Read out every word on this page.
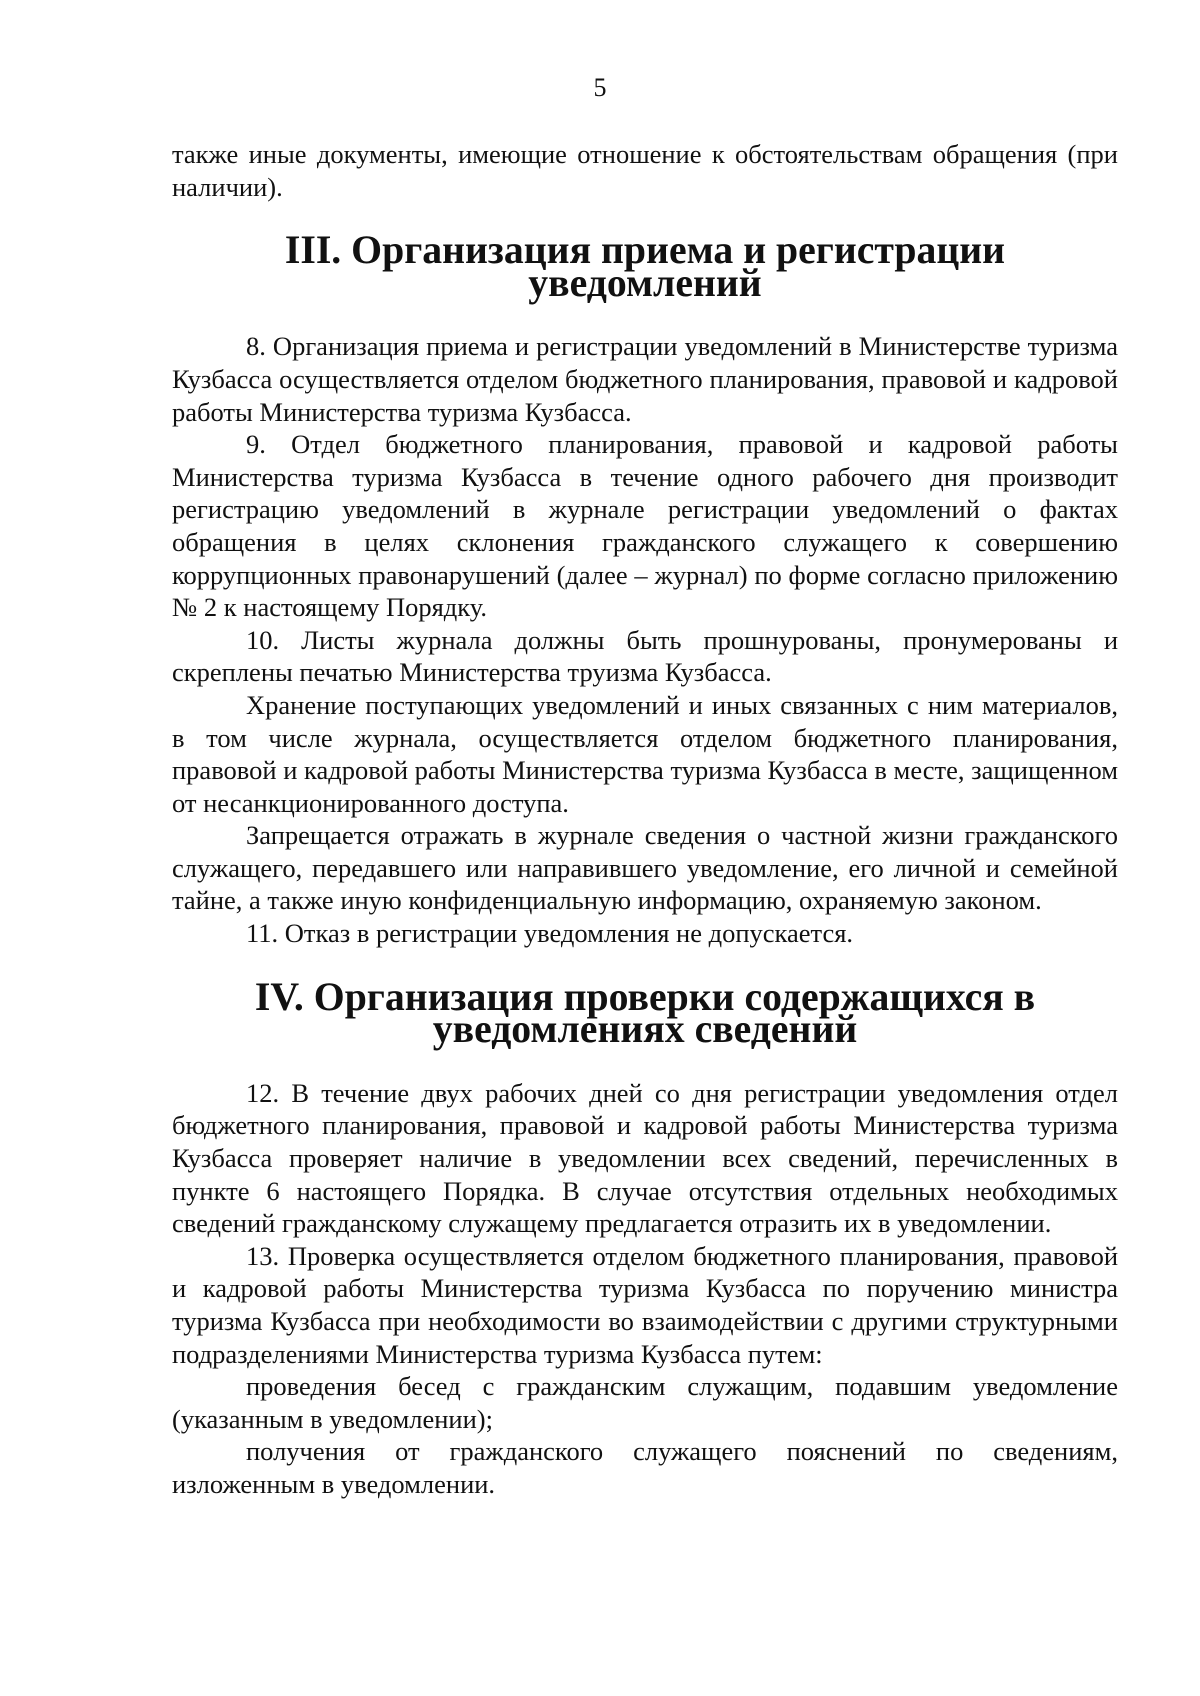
5

также иные документы, имеющие отношение к обстоятельствам обращения (при наличии).

III. Организация приема и регистрации уведомлений

8. Организация приема и регистрации уведомлений в Министерстве туризма Кузбасса осуществляется отделом бюджетного планирования, правовой и кадровой работы Министерства туризма Кузбасса.

9. Отдел бюджетного планирования, правовой и кадровой работы Министерства туризма Кузбасса в течение одного рабочего дня производит регистрацию уведомлений в журнале регистрации уведомлений о фактах обращения в целях склонения гражданского служащего к совершению коррупционных правонарушений (далее – журнал) по форме согласно приложению № 2 к настоящему Порядку.

10. Листы журнала должны быть прошнурованы, пронумерованы и скреплены печатью Министерства труизма Кузбасса.

Хранение поступающих уведомлений и иных связанных с ним материалов, в том числе журнала, осуществляется отделом бюджетного планирования, правовой и кадровой работы Министерства туризма Кузбасса в месте, защищенном от несанкционированного доступа.

Запрещается отражать в журнале сведения о частной жизни гражданского служащего, передавшего или направившего уведомление, его личной и семейной тайне, а также иную конфиденциальную информацию, охраняемую законом.

11. Отказ в регистрации уведомления не допускается.

IV. Организация проверки содержащихся в уведомлениях сведений

12. В течение двух рабочих дней со дня регистрации уведомления отдел бюджетного планирования, правовой и кадровой работы Министерства туризма Кузбасса проверяет наличие в уведомлении всех сведений, перечисленных в пункте 6 настоящего Порядка. В случае отсутствия отдельных необходимых сведений гражданскому служащему предлагается отразить их в уведомлении.

13. Проверка осуществляется отделом бюджетного планирования, правовой и кадровой работы Министерства туризма Кузбасса по поручению министра туризма Кузбасса при необходимости во взаимодействии с другими структурными подразделениями Министерства туризма Кузбасса путем:

проведения бесед с гражданским служащим, подавшим уведомление (указанным в уведомлении);

получения от гражданского служащего пояснений по сведениям, изложенным в уведомлении.
